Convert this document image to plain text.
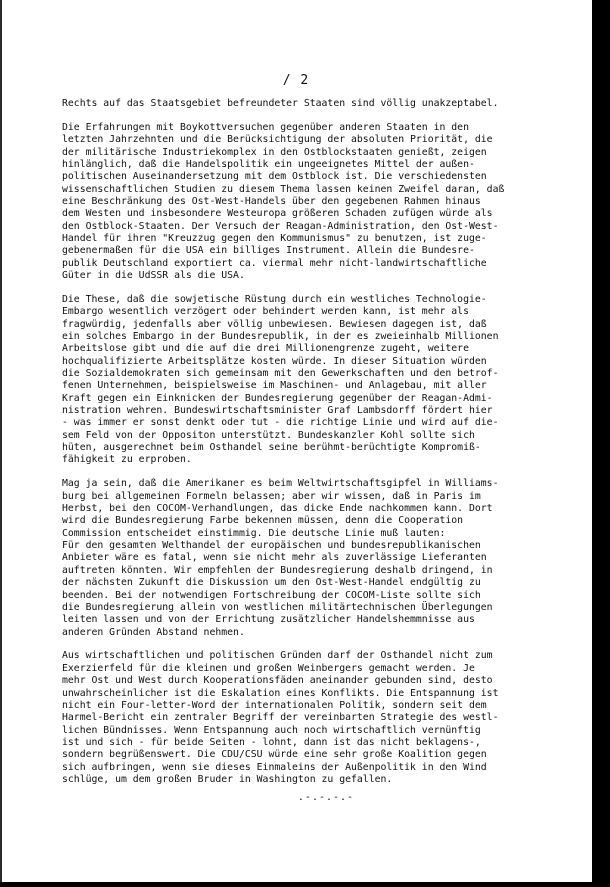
/ 2
Rechts auf das Staatsgebiet befreundeter Staaten sind völlig unakzeptabel.
Die Erfahrungen mit Boykottversuchen gegenüber anderen Staaten in den
letzten Jahrzehnten und die Berücksichtigung der absoluten Priorität, die
der militärische Industriekomplex in den Ostblockstaaten genießt, zeigen
hinlänglich, daß die Handelspolitik ein ungeeignetes Mittel der außen-
politischen Auseinandersetzung mit dem Ostblock ist. Die verschiedensten
wissenschaftlichen Studien zu diesem Thema lassen keinen Zweifel daran, daß
eine Beschränkung des Ost-West-Handels über den gegebenen Rahmen hinaus
dem Westen und insbesondere Westeuropa größeren Schaden zufügen würde als
den Ostblock-Staaten. Der Versuch der Reagan-Administration, den Ost-West-
Handel für ihren "Kreuzzug gegen den Kommunismus" zu benutzen, ist zuge-
gebenermaßen für die USA ein billiges Instrument. Allein die Bundesre-
publik Deutschland exportiert ca. viermal mehr nicht-landwirtschaftliche
Güter in die UdSSR als die USA.
Die These, daß die sowjetische Rüstung durch ein westliches Technologie-
Embargo wesentlich verzögert oder behindert werden kann, ist mehr als
fragwürdig, jedenfalls aber völlig unbewiesen. Bewiesen dagegen ist, daß
ein solches Embargo in der Bundesrepublik, in der es zweieinhalb Millionen
Arbeitslose gibt und die auf die drei Millionengrenze zugeht, weitere
hochqualifizierte Arbeitsplätze kosten würde. In dieser Situation würden
die Sozialdemokraten sich gemeinsam mit den Gewerkschaften und den betrof-
fenen Unternehmen, beispielsweise im Maschinen- und Anlagebau, mit aller
Kraft gegen ein Einknicken der Bundesregierung gegenüber der Reagan-Admi-
nistration wehren. Bundeswirtschaftsminister Graf Lambsdorff fördert hier
- was immer er sonst denkt oder tut - die richtige Linie und wird auf die-
sem Feld von der Oppositon unterstützt. Bundeskanzler Kohl sollte sich
hüten, ausgerechnet beim Osthandel seine berühmt-berüchtigte Kompromiß-
fähigkeit zu erproben.
Mag ja sein, daß die Amerikaner es beim Weltwirtschaftsgipfel in Williams-
burg bei allgemeinen Formeln belassen; aber wir wissen, daß in Paris im
Herbst, bei den COCOM-Verhandlungen, das dicke Ende nachkommen kann. Dort
wird die Bundesregierung Farbe bekennen müssen, denn die Cooperation
Commission entscheidet einstimmig. Die deutsche Linie muß lauten:
Für den gesamten Welthandel der europäischen und bundesrepublikanischen
Anbieter wäre es fatal, wenn sie nicht mehr als zuverlässige Lieferanten
auftreten könnten. Wir empfehlen der Bundesregierung deshalb dringend, in
der nächsten Zukunft die Diskussion um den Ost-West-Handel endgültig zu
beenden. Bei der notwendigen Fortschreibung der COCOM-Liste sollte sich
die Bundesregierung allein von westlichen militärtechnischen Überlegungen
leiten lassen und von der Errichtung zusätzlicher Handelshemmnisse aus
anderen Gründen Abstand nehmen.
Aus wirtschaftlichen und politischen Gründen darf der Osthandel nicht zum
Exerzierfeld für die kleinen und großen Weinbergers gemacht werden. Je
mehr Ost und West durch Kooperationsfäden aneinander gebunden sind, desto
unwahrscheinlicher ist die Eskalation eines Konflikts. Die Entspannung ist
nicht ein Four-letter-Word der internationalen Politik, sondern seit dem
Harmel-Bericht ein zentraler Begriff der vereinbarten Strategie des westl-
lichen Bündnisses. Wenn Entspannung auch noch wirtschaftlich vernünftig
ist und sich - für beide Seiten - lohnt, dann ist das nicht beklagens-,
sondern begrüßenswert. Die CDU/CSU würde eine sehr große Koalition gegen
sich aufbringen, wenn sie dieses Einmaleins der Außenpolitik in den Wind
schlüge, um dem großen Bruder in Washington zu gefallen.
.-.-.-.-
